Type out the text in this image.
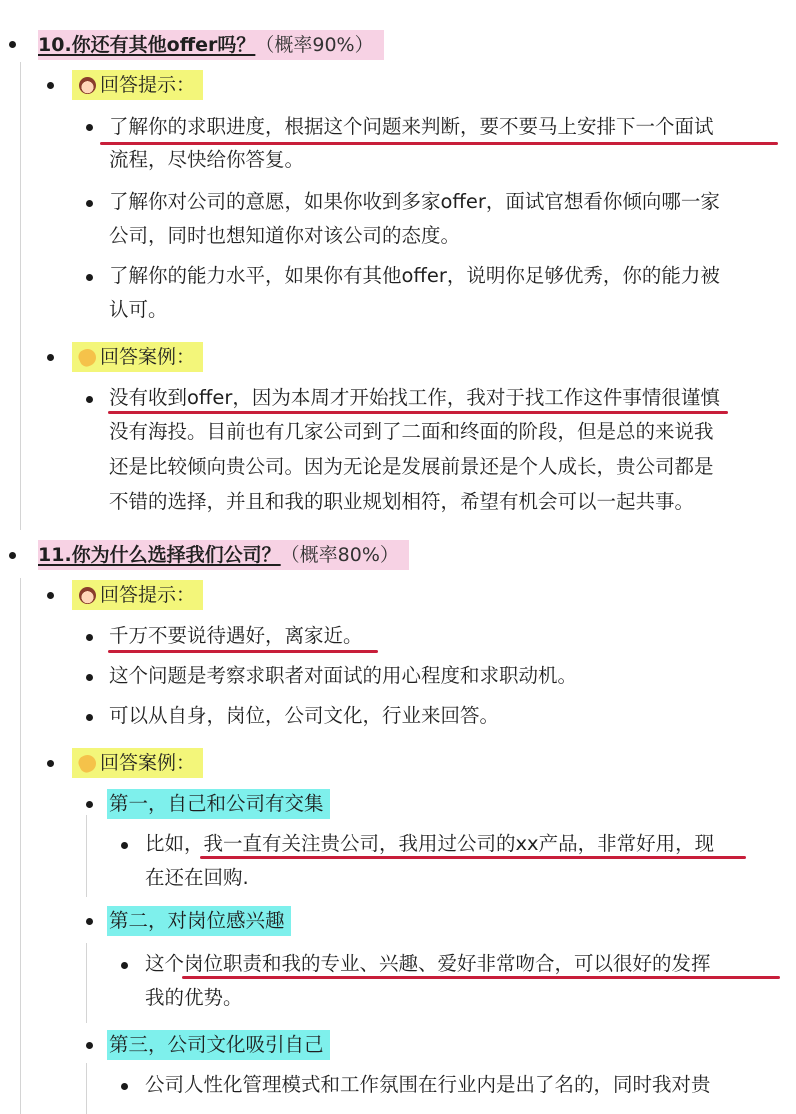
10.你还有其他offer吗？（概率90%）
回答提示：
了解你的求职进度，根据这个问题来判断，要不要马上安排下一个面试
流程，尽快给你答复。
了解你对公司的意愿，如果你收到多家offer，面试官想看你倾向哪一家
公司，同时也想知道你对该公司的态度。
了解你的能力水平，如果你有其他offer，说明你足够优秀，你的能力被
认可。
回答案例：
没有收到offer，因为本周才开始找工作，我对于找工作这件事情很谨慎
没有海投。目前也有几家公司到了二面和终面的阶段，但是总的来说我
还是比较倾向贵公司。因为无论是发展前景还是个人成长，贵公司都是
不错的选择，并且和我的职业规划相符，希望有机会可以一起共事。
11.你为什么选择我们公司？（概率80%）
回答提示：
千万不要说待遇好，离家近。
这个问题是考察求职者对面试的用心程度和求职动机。
可以从自身，岗位，公司文化，行业来回答。
回答案例：
第一，自己和公司有交集
比如，我一直有关注贵公司，我用过公司的xx产品，非常好用，现
在还在回购.
第二，对岗位感兴趣
这个岗位职责和我的专业、兴趣、爱好非常吻合，可以很好的发挥
我的优势。
第三，公司文化吸引自己
公司人性化管理模式和工作氛围在行业内是出了名的，同时我对贵
